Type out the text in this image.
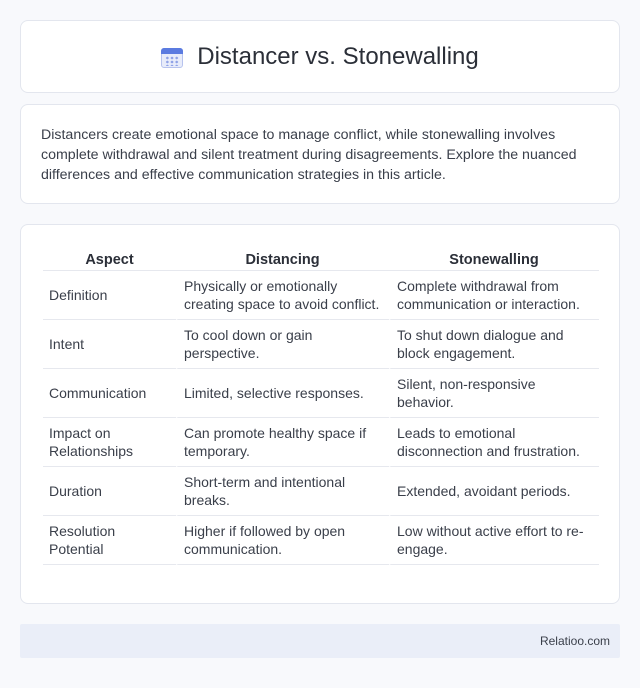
Distancer vs. Stonewalling

Distancers create emotional space to manage conflict, while stonewalling involves complete withdrawal and silent treatment during disagreements. Explore the nuanced differences and effective communication strategies in this article.

Aspect	Distancing	Stonewalling
Definition	Physically or emotionally creating space to avoid conflict.	Complete withdrawal from communication or interaction.
Intent	To cool down or gain perspective.	To shut down dialogue and block engagement.
Communication	Limited, selective responses.	Silent, non-responsive behavior.
Impact on Relationships	Can promote healthy space if temporary.	Leads to emotional disconnection and frustration.
Duration	Short-term and intentional breaks.	Extended, avoidant periods.
Resolution Potential	Higher if followed by open communication.	Low without active effort to re-engage.
Relatioo.com
